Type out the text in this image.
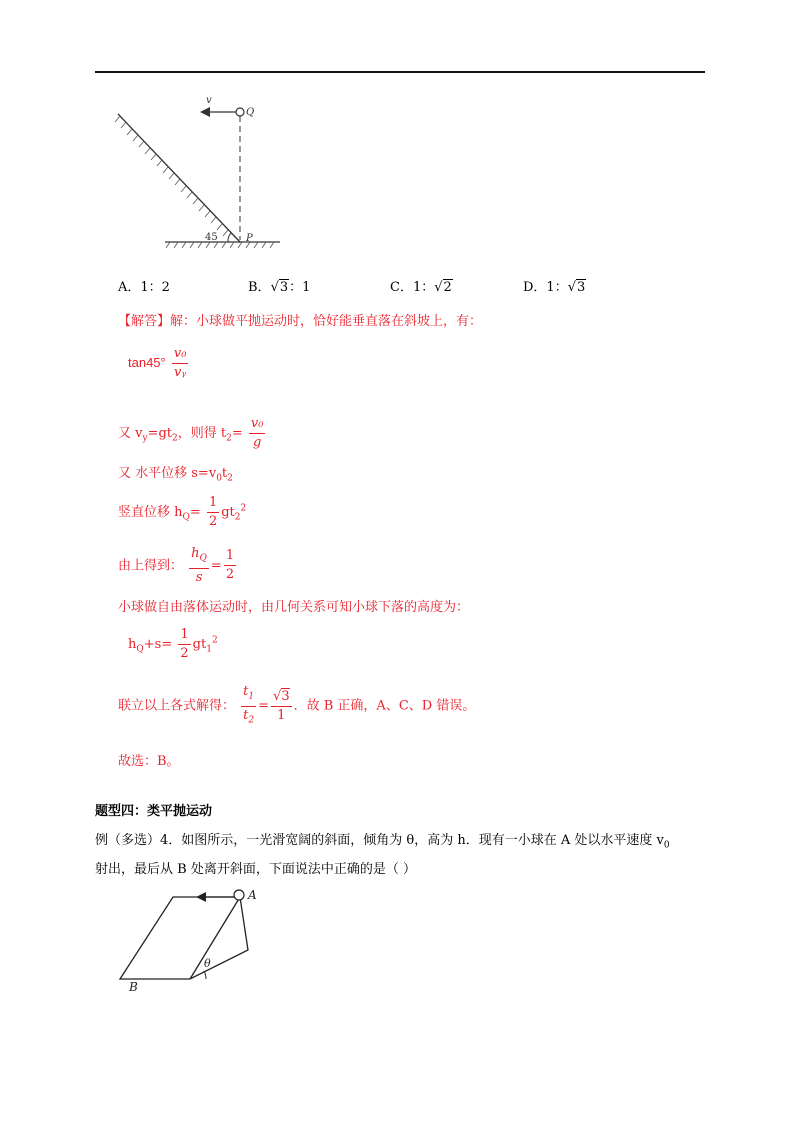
v
Q
P
45
A．1：2	B．√3：1	C．1：√2	D．1：√3
【解答】解：小球做平抛运动时，恰好能垂直落在斜坡上，有：
$\tan 45^\circ \frac{\text{v₀}}{\text{vᵧ}}$
又 $v_y=gt_2$，则得 $t_2= \frac{\text{v₀}}{g}$
又 水平位移 $s=v_0t_2$
竖直位移 $h_Q= \frac{1}{2} gt_2^2$
由上得到： $\frac{h_Q}{s} = \frac{1}{2}$
小球做自由落体运动时，由几何关系可知小球下落的高度为：
$h_Q+s= \frac{1}{2} gt_1^2$
联立以上各式解得： $\frac{t_1}{t_2} = \frac{√3}{1}$ ．故 B 正确，A、C、D 错误。
故选：B。
题型四：类平抛运动
例（多选）4．如图所示，一光滑宽阔的斜面，倾角为 θ，高为 h．现有一小球在 A 处以水平速度 $v_0$
射出，最后从 B 处离开斜面，下面说法中正确的是（ ）
A
B
θ
